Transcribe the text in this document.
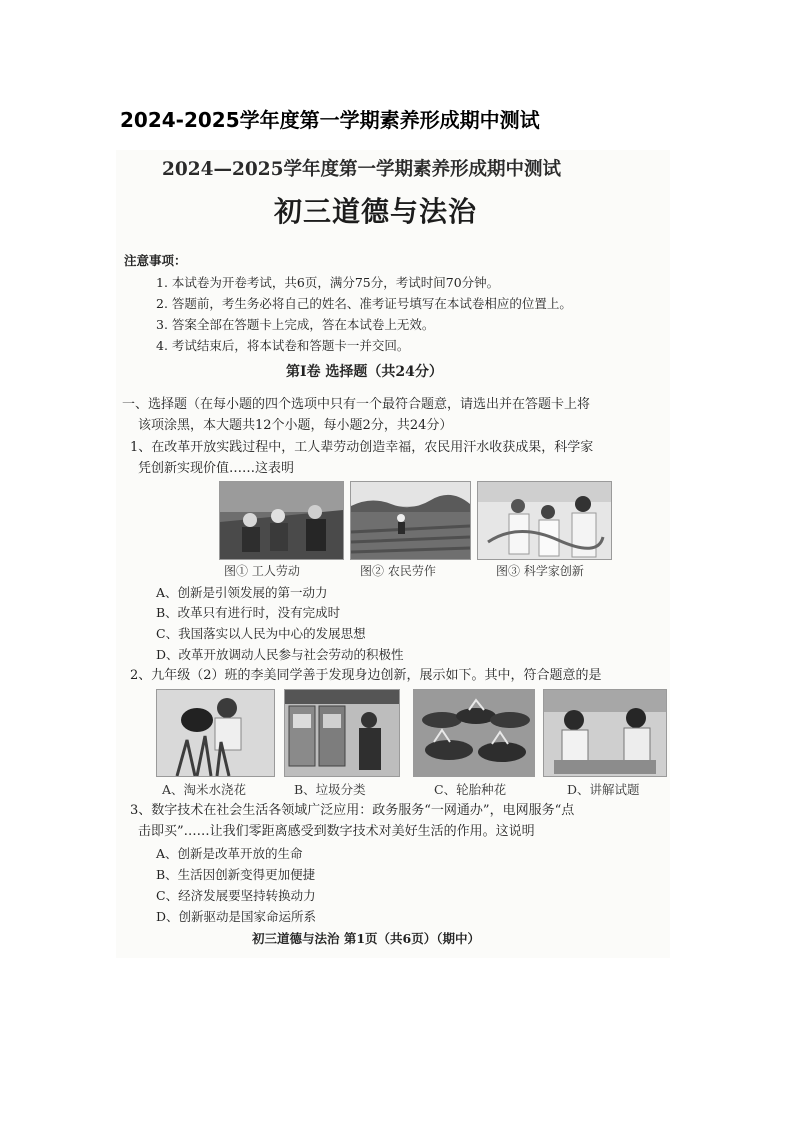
2024-2025学年度第一学期素养形成期中测试
2024—2025学年度第一学期素养形成期中测试
初三道德与法治
注意事项：
1. 本试卷为开卷考试，共6页，满分75分，考试时间70分钟。
2. 答题前，考生务必将自己的姓名、准考证号填写在本试卷相应的位置上。
3. 答案全部在答题卡上完成，答在本试卷上无效。
4. 考试结束后，将本试卷和答题卡一并交回。
第I卷 选择题（共24分）
一、选择题（在每小题的四个选项中只有一个最符合题意，请选出并在答题卡上将
该项涂黑，本大题共12个小题，每小题2分，共24分）
1、在改革开放实践过程中，工人辈劳动创造幸福，农民用汗水收获成果，科学家
凭创新实现价值……这表明
图① 工人劳动	图② 农民劳作	图③ 科学家创新
A、创新是引领发展的第一动力
B、改革只有进行时，没有完成时
C、我国落实以人民为中心的发展思想
D、改革开放调动人民参与社会劳动的积极性
2、九年级（2）班的李美同学善于发现身边创新，展示如下。其中，符合题意的是
A、淘米水浇花	B、垃圾分类	C、轮胎种花	D、讲解试题
3、数字技术在社会生活各领域广泛应用：政务服务“一网通办”，电网服务“点
击即买”……让我们零距离感受到数字技术对美好生活的作用。这说明
A、创新是改革开放的生命
B、生活因创新变得更加便捷
C、经济发展要坚持转换动力
D、创新驱动是国家命运所系
初三道德与法治 第1页（共6页）（期中）
